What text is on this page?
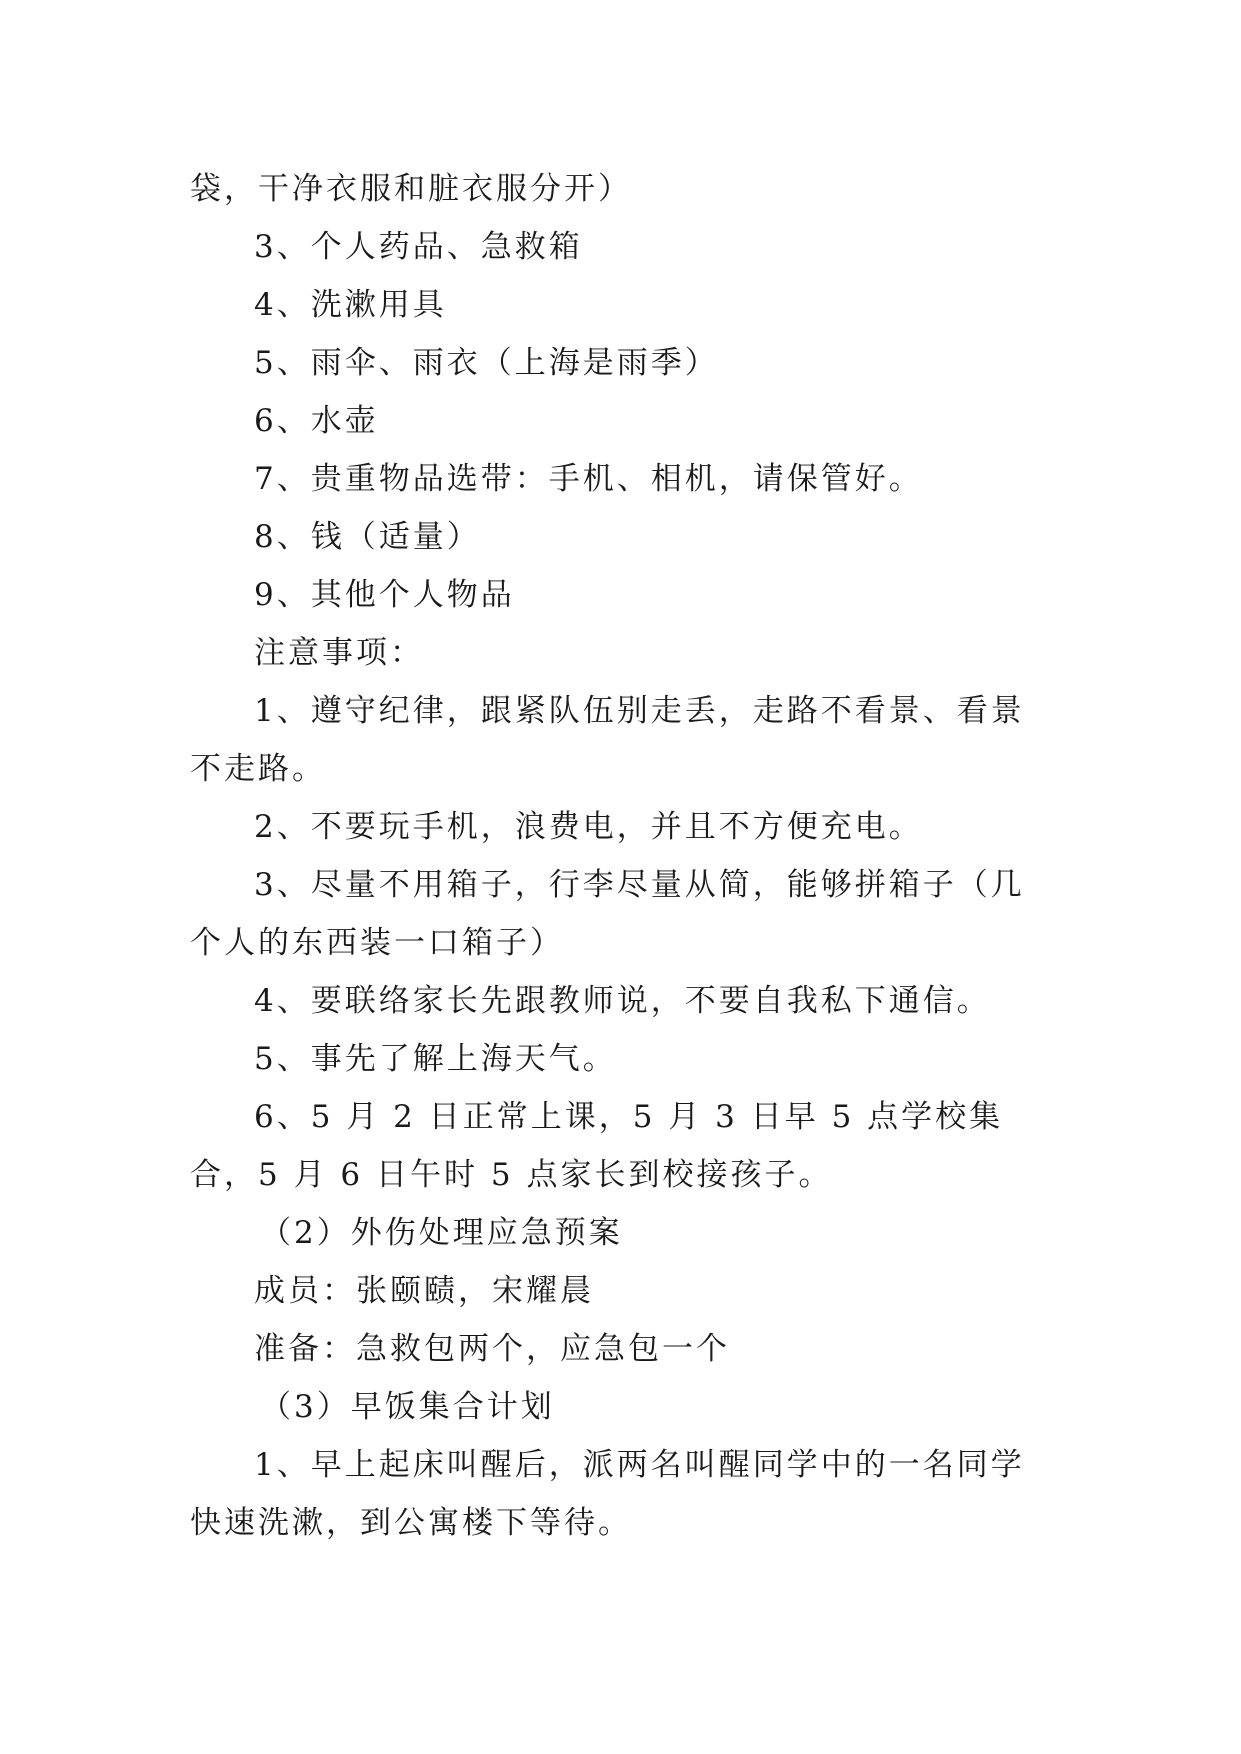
袋，干净衣服和脏衣服分开）

3、个人药品、急救箱

4、洗漱用具

5、雨伞、雨衣（上海是雨季）

6、水壶

7、贵重物品选带：手机、相机，请保管好。

8、钱（适量）

9、其他个人物品

注意事项：

1、遵守纪律，跟紧队伍别走丢，走路不看景、看景不走路。

2、不要玩手机，浪费电，并且不方便充电。

3、尽量不用箱子，行李尽量从简，能够拼箱子（几个人的东西装一口箱子）

4、要联络家长先跟教师说，不要自我私下通信。

5、事先了解上海天气。

6、5 月 2 日正常上课，5 月 3 日早 5 点学校集合，5 月 6 日午时 5 点家长到校接孩子。

（2）外伤处理应急预案

成员：张颐赜，宋耀晨

准备：急救包两个，应急包一个

（3）早饭集合计划

1、早上起床叫醒后，派两名叫醒同学中的一名同学快速洗漱，到公寓楼下等待。
